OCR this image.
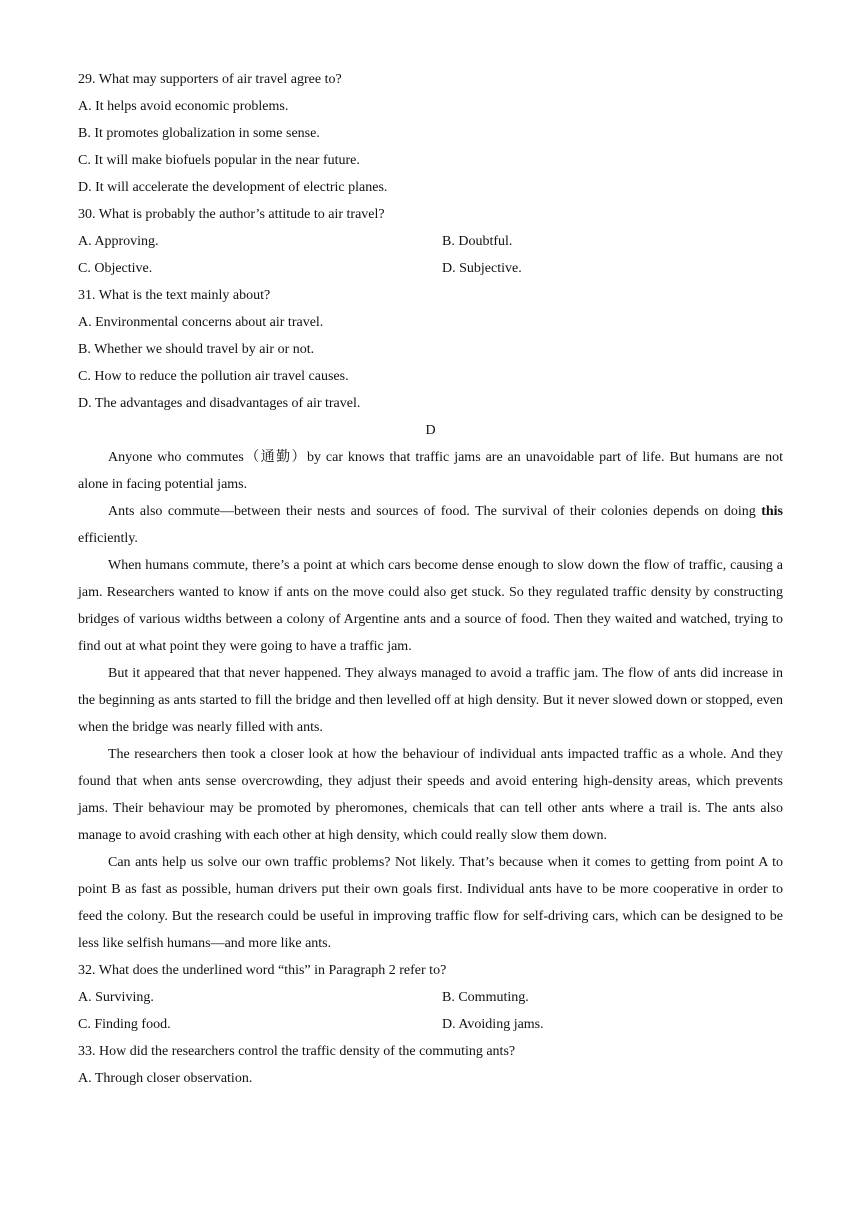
29. What may supporters of air travel agree to?
A. It helps avoid economic problems.
B. It promotes globalization in some sense.
C. It will make biofuels popular in the near future.
D. It will accelerate the development of electric planes.
30. What is probably the author’s attitude to air travel?
A. Approving.	B. Doubtful.
C. Objective.	D. Subjective.
31. What is the text mainly about?
A. Environmental concerns about air travel.
B. Whether we should travel by air or not.
C. How to reduce the pollution air travel causes.
D. The advantages and disadvantages of air travel.
D

Anyone who commutes（通勤）by car knows that traffic jams are an unavoidable part of life. But humans are not alone in facing potential jams.

Ants also commute—between their nests and sources of food. The survival of their colonies depends on doing this efficiently.

When humans commute, there’s a point at which cars become dense enough to slow down the flow of traffic, causing a jam. Researchers wanted to know if ants on the move could also get stuck. So they regulated traffic density by constructing bridges of various widths between a colony of Argentine ants and a source of food. Then they waited and watched, trying to find out at what point they were going to have a traffic jam.

But it appeared that that never happened. They always managed to avoid a traffic jam. The flow of ants did increase in the beginning as ants started to fill the bridge and then levelled off at high density. But it never slowed down or stopped, even when the bridge was nearly filled with ants.

The researchers then took a closer look at how the behaviour of individual ants impacted traffic as a whole. And they found that when ants sense overcrowding, they adjust their speeds and avoid entering high-density areas, which prevents jams. Their behaviour may be promoted by pheromones, chemicals that can tell other ants where a trail is. The ants also manage to avoid crashing with each other at high density, which could really slow them down.

Can ants help us solve our own traffic problems? Not likely. That’s because when it comes to getting from point A to point B as fast as possible, human drivers put their own goals first. Individual ants have to be more cooperative in order to feed the colony. But the research could be useful in improving traffic flow for self-driving cars, which can be designed to be less like selfish humans—and more like ants.

32. What does the underlined word “this” in Paragraph 2 refer to?
A. Surviving.	B. Commuting.
C. Finding food.	D. Avoiding jams.
33. How did the researchers control the traffic density of the commuting ants?
A. Through closer observation.
